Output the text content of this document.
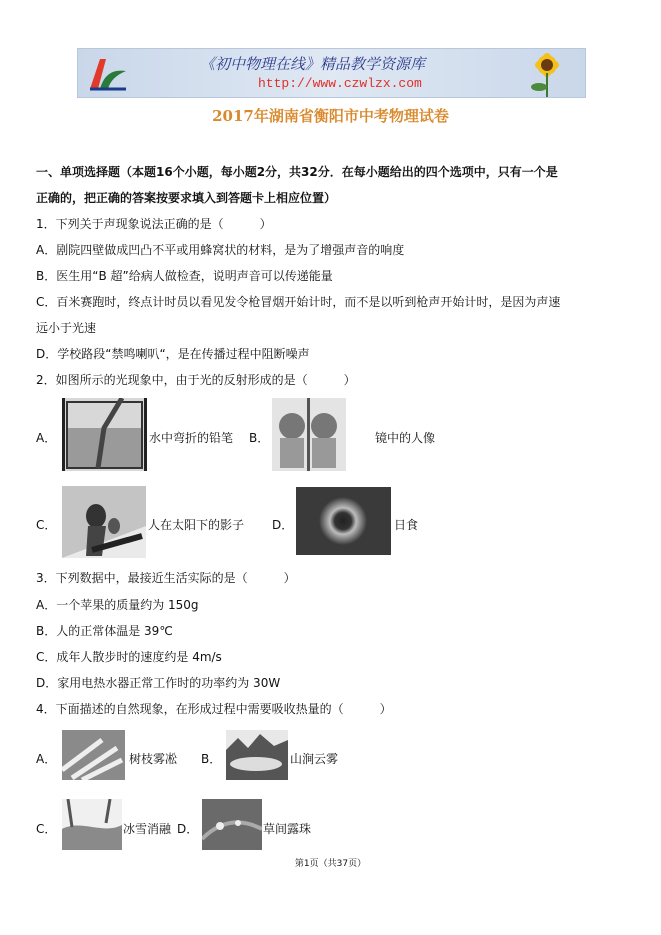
《初中物理在线》精品教学资源库
http://www.czwlzx.com
2017年湖南省衡阳市中考物理试卷
一、单项选择题（本题16个小题，每小题2分，共32分．在每小题给出的四个选项中，只有一个是
正确的，把正确的答案按要求填入到答题卡上相应位置）
1．下列关于声现象说法正确的是（　　　）
A．剧院四壁做成凹凸不平或用蜂窝状的材料，是为了增强声音的响度
B．医生用“B 超”给病人做检查，说明声音可以传递能量
C．百米赛跑时，终点计时员以看见发令枪冒烟开始计时，而不是以听到枪声开始计时，是因为声速
远小于光速
D．学校路段“禁鸣喇叭“，是在传播过程中阻断噪声
2．如图所示的光现象中，由于光的反射形成的是（　　　）
A．	水中弯折的铅笔 B．	镜中的人像
C．	人在太阳下的影子 D．	日食
3．下列数据中，最接近生活实际的是（　　　）
A．一个苹果的质量约为 150g
B．人的正常体温是 39℃
C．成年人散步时的速度约是 4m/s
D．家用电热水器正常工作时的功率约为 30W
4．下面描述的自然现象，在形成过程中需要吸收热量的（　　　）
A．	树枝雾凇 B．	山涧云雾
C．	冰雪消融 D．	草间露珠
第1页（共37页）
